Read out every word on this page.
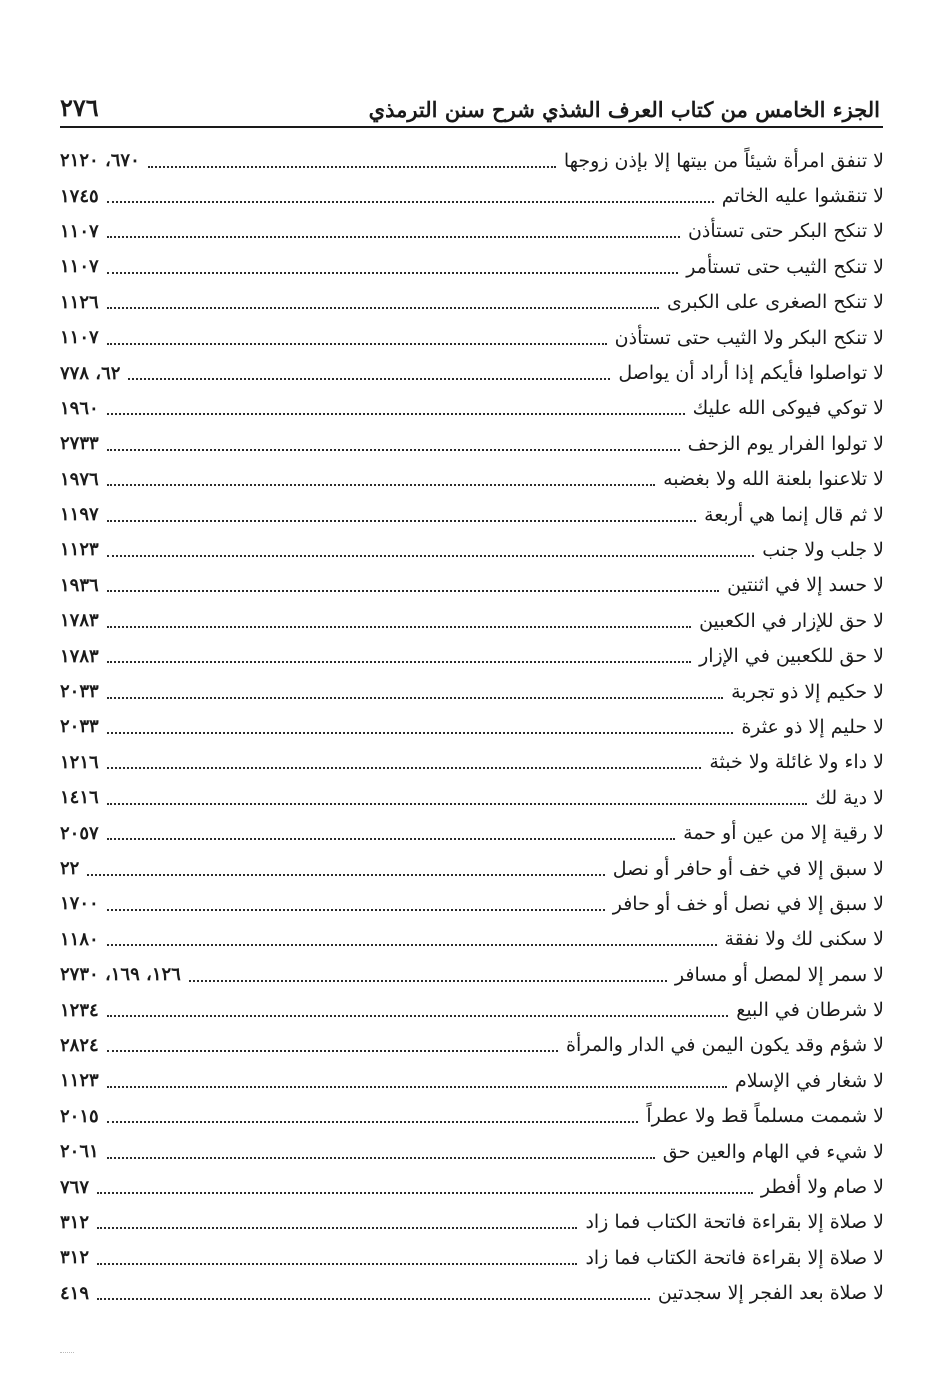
الجزء الخامس من كتاب العرف الشذي شرح سنن الترمذي
٢٧٦
لا تنفق امرأة شيئاً من بيتها إلا بإذن زوجها
٦٧٠، ٢١٢٠
لا تنقشوا عليه الخاتم
١٧٤٥
لا تنكح البكر حتى تستأذن
١١٠٧
لا تنكح الثيب حتى تستأمر
١١٠٧
لا تنكح الصغرى على الكبرى
١١٢٦
لا تنكح البكر ولا الثيب حتى تستأذن
١١٠٧
لا تواصلوا فأيكم إذا أراد أن يواصل
٦٢، ٧٧٨
لا توكي فيوكى الله عليك
١٩٦٠
لا تولوا الفرار يوم الزحف
٢٧٣٣
لا تلاعنوا بلعنة الله ولا بغضبه
١٩٧٦
لا ثم قال إنما هي أربعة
١١٩٧
لا جلب ولا جنب
١١٢٣
لا حسد إلا في اثنتين
١٩٣٦
لا حق للإزار في الكعبين
١٧٨٣
لا حق للكعبين في الإزار
١٧٨٣
لا حكيم إلا ذو تجربة
٢٠٣٣
لا حليم إلا ذو عثرة
٢٠٣٣
لا داء ولا غائلة ولا خبثة
١٢١٦
لا دية لك
١٤١٦
لا رقية إلا من عين أو حمة
٢٠٥٧
لا سبق إلا في خف أو حافر أو نصل
٢٢
لا سبق إلا في نصل أو خف أو حافر
١٧٠٠
لا سكنى لك ولا نفقة
١١٨٠
لا سمر إلا لمصل أو مسافر
١٢٦، ١٦٩، ٢٧٣٠
لا شرطان في البيع
١٢٣٤
لا شؤم وقد يكون اليمن في الدار والمرأة
٢٨٢٤
لا شغار في الإسلام
١١٢٣
لا شممت مسلماً قط ولا عطراً
٢٠١٥
لا شيء في الهام والعين حق
٢٠٦١
لا صام ولا أفطر
٧٦٧
لا صلاة إلا بقراءة فاتحة الكتاب فما زاد
٣١٢
لا صلاة إلا بقراءة فاتحة الكتاب فما زاد
٣١٢
لا صلاة بعد الفجر إلا سجدتين
٤١٩
